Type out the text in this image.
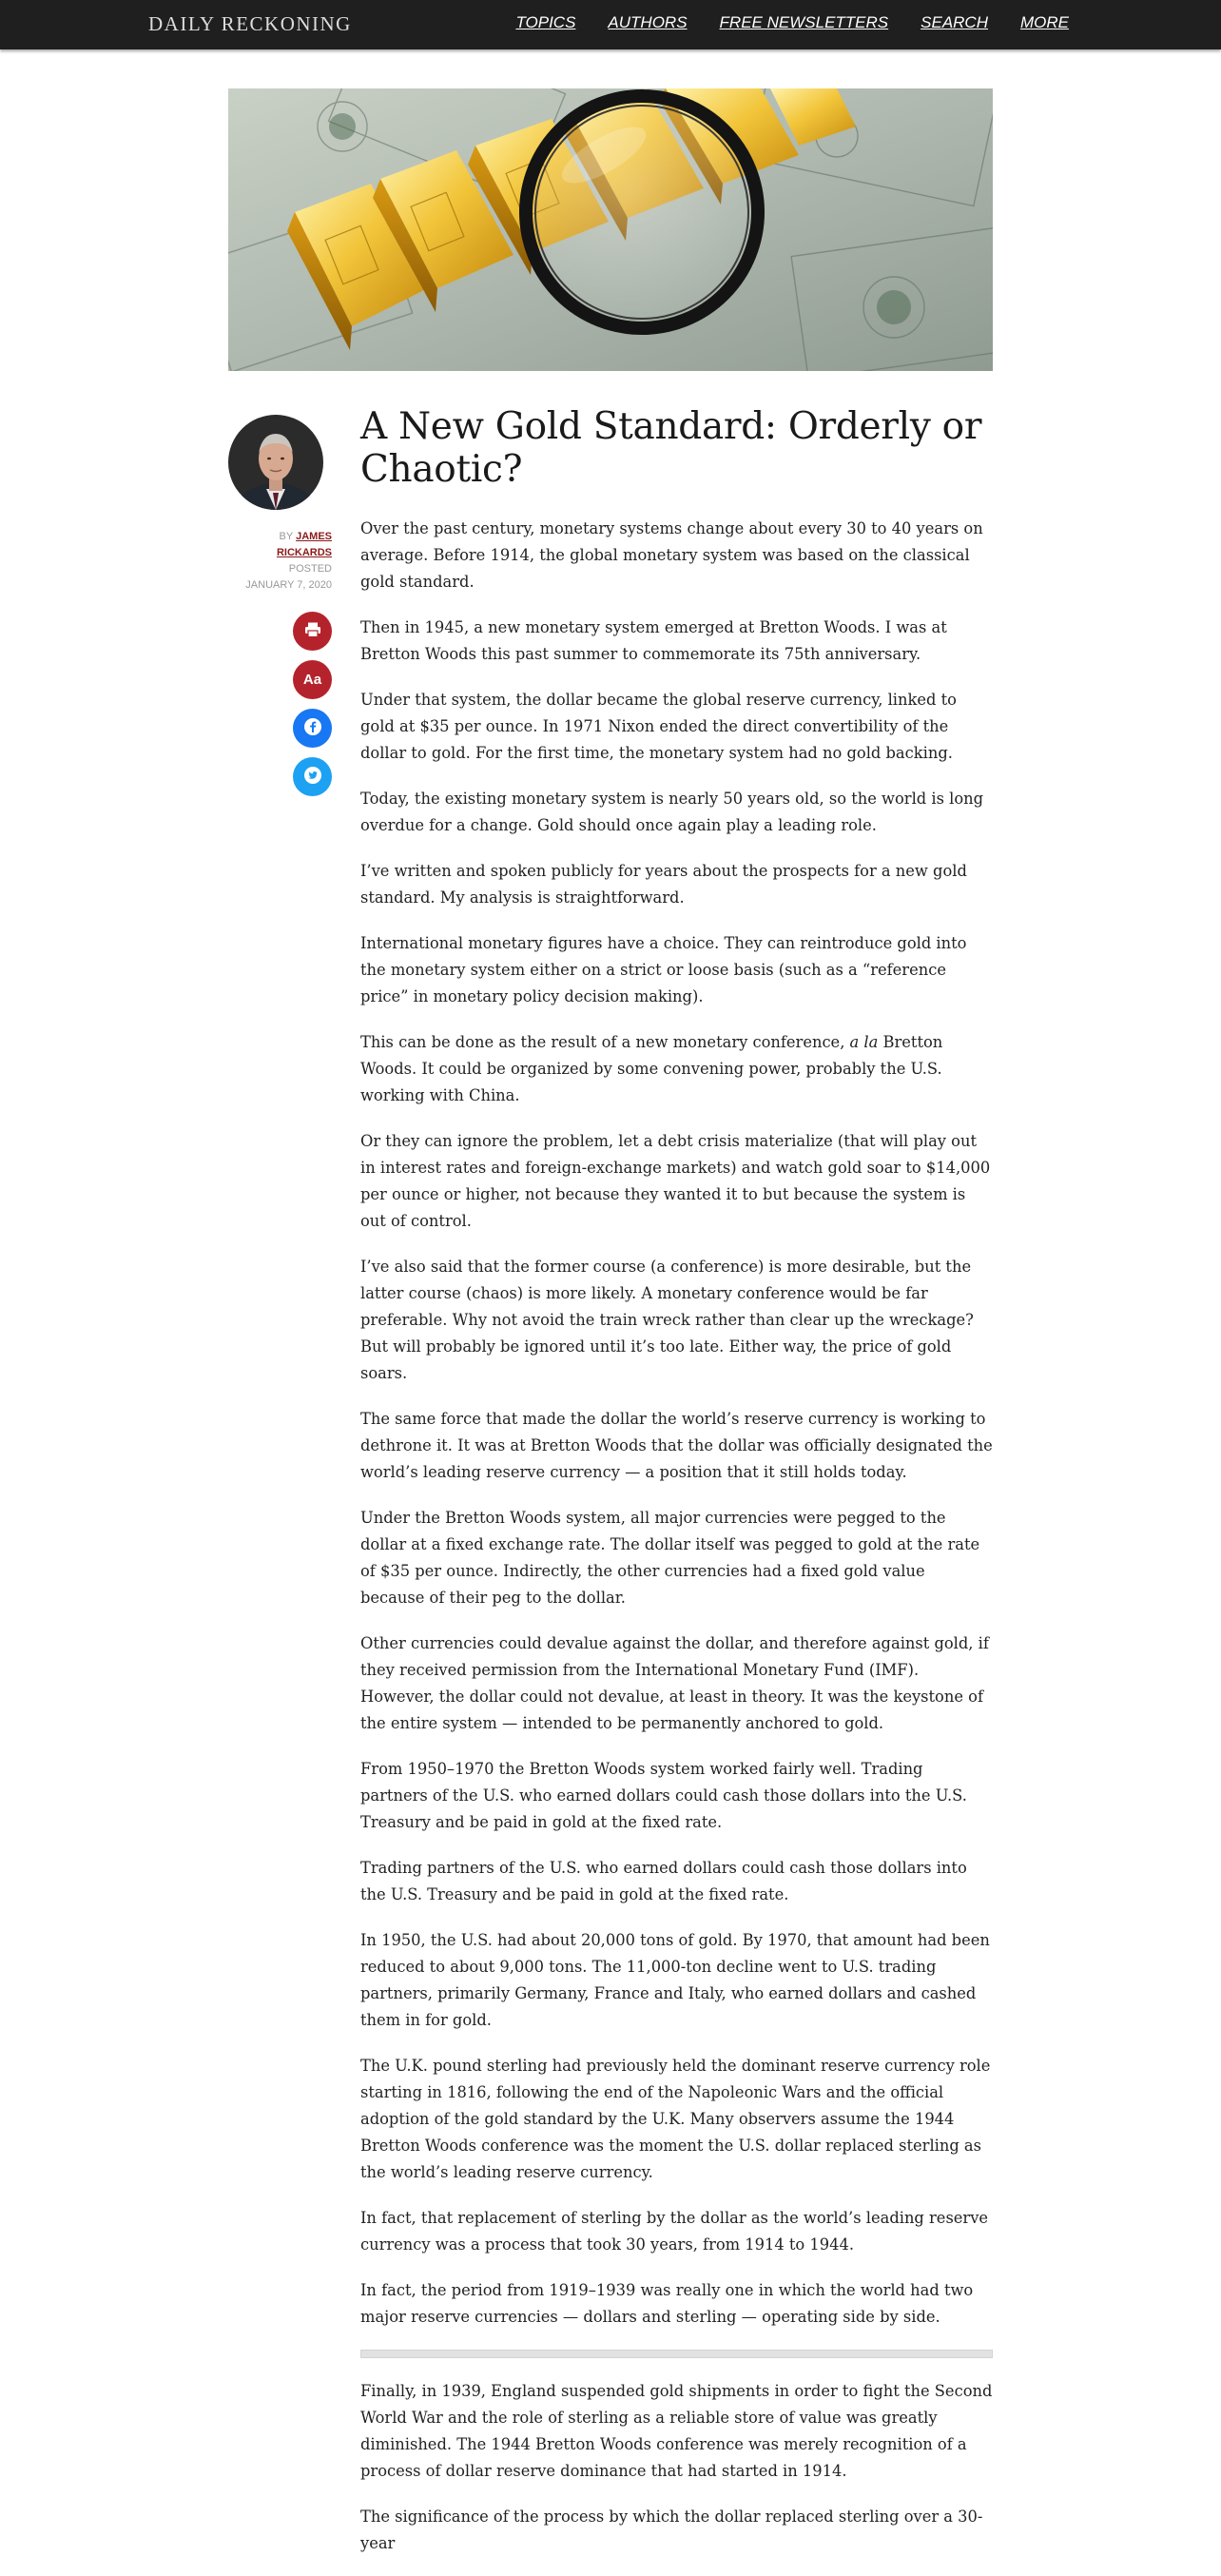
DAILY RECKONING	TOPICS AUTHORS FREE NEWSLETTERS SEARCH MORE
BY JAMES
RICKARDS
POSTED
JANUARY 7, 2020
Aa
A New Gold Standard: Orderly or Chaotic?

Over the past century, monetary systems change about every 30 to 40 years on average. Before 1914, the global monetary system was based on the classical gold standard.

Then in 1945, a new monetary system emerged at Bretton Woods. I was at Bretton Woods this past summer to commemorate its 75th anniversary.

Under that system, the dollar became the global reserve currency, linked to gold at $35 per ounce. In 1971 Nixon ended the direct convertibility of the dollar to gold. For the first time, the monetary system had no gold backing.

Today, the existing monetary system is nearly 50 years old, so the world is long overdue for a change. Gold should once again play a leading role.

I’ve written and spoken publicly for years about the prospects for a new gold standard. My analysis is straightforward.

International monetary figures have a choice. They can reintroduce gold into the monetary system either on a strict or loose basis (such as a “reference price” in monetary policy decision making).

This can be done as the result of a new monetary conference, a la Bretton Woods. It could be organized by some convening power, probably the U.S. working with China.

Or they can ignore the problem, let a debt crisis materialize (that will play out in interest rates and foreign-exchange markets) and watch gold soar to $14,000 per ounce or higher, not because they wanted it to but because the system is out of control.

I’ve also said that the former course (a conference) is more desirable, but the latter course (chaos) is more likely. A monetary conference would be far preferable. Why not avoid the train wreck rather than clear up the wreckage? But will probably be ignored until it’s too late. Either way, the price of gold soars.

The same force that made the dollar the world’s reserve currency is working to dethrone it. It was at Bretton Woods that the dollar was officially designated the world’s leading reserve currency — a position that it still holds today.

Under the Bretton Woods system, all major currencies were pegged to the dollar at a fixed exchange rate. The dollar itself was pegged to gold at the rate of $35 per ounce. Indirectly, the other currencies had a fixed gold value because of their peg to the dollar.

Other currencies could devalue against the dollar, and therefore against gold, if they received permission from the International Monetary Fund (IMF). However, the dollar could not devalue, at least in theory. It was the keystone of the entire system — intended to be permanently anchored to gold.

From 1950–1970 the Bretton Woods system worked fairly well. Trading partners of the U.S. who earned dollars could cash those dollars into the U.S. Treasury and be paid in gold at the fixed rate.

Trading partners of the U.S. who earned dollars could cash those dollars into the U.S. Treasury and be paid in gold at the fixed rate.

In 1950, the U.S. had about 20,000 tons of gold. By 1970, that amount had been reduced to about 9,000 tons. The 11,000-ton decline went to U.S. trading partners, primarily Germany, France and Italy, who earned dollars and cashed them in for gold.

The U.K. pound sterling had previously held the dominant reserve currency role starting in 1816, following the end of the Napoleonic Wars and the official adoption of the gold standard by the U.K. Many observers assume the 1944 Bretton Woods conference was the moment the U.S. dollar replaced sterling as the world’s leading reserve currency.

In fact, that replacement of sterling by the dollar as the world’s leading reserve currency was a process that took 30 years, from 1914 to 1944.

In fact, the period from 1919–1939 was really one in which the world had two major reserve currencies — dollars and sterling — operating side by side.

Finally, in 1939, England suspended gold shipments in order to fight the Second World War and the role of sterling as a reliable store of value was greatly diminished. The 1944 Bretton Woods conference was merely recognition of a process of dollar reserve dominance that had started in 1914.

The significance of the process by which the dollar replaced sterling over a 30-year
